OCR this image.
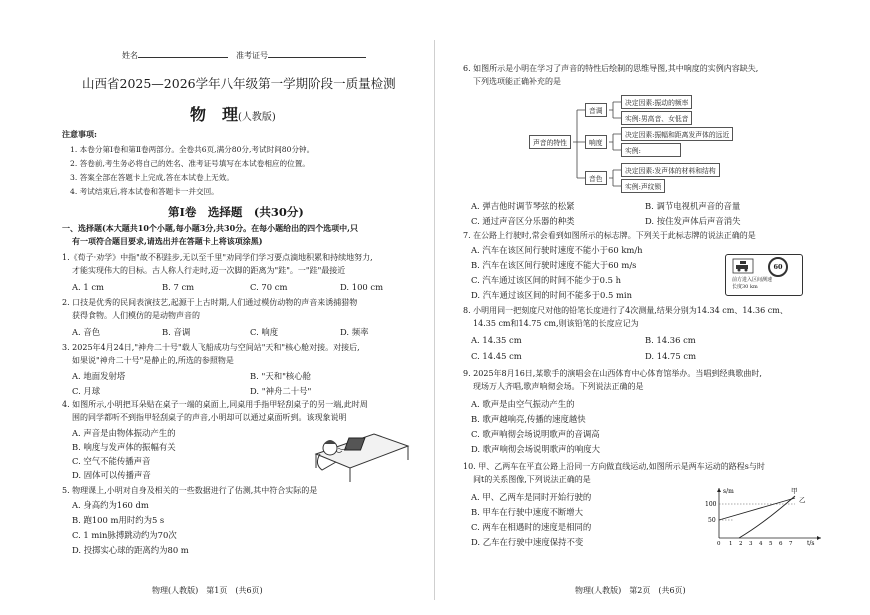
姓名	准考证号
山西省2025—2026学年八年级第一学期阶段一质量检测
物　理(人教版)
注意事项:
1. 本卷分第Ⅰ卷和第Ⅱ卷两部分。全卷共6页,满分80分,考试时间80分钟。
2. 答卷前,考生务必将自己的姓名、准考证号填写在本试卷相应的位置。
3. 答案全部在答题卡上完成,答在本试卷上无效。
4. 考试结束后,将本试卷和答题卡一并交回。
第Ⅰ卷　选择题　(共30分)
一、选择题(本大题共10个小题,每小题3分,共30分。在每小题给出的四个选项中,只
有一项符合题目要求,请选出并在答题卡上将该项涂黑)
1.《荀子·劝学》中指"故不积跬步,无以至千里"劝同学们学习要点滴地积累和持续地努力,
才能实现伟大的目标。古人称人行走时,迈一次脚的距离为"跬"。一"跬"最接近
A. 1 cm	B. 7 cm	C. 70 cm	D. 100 cm
2. 口技是优秀的民间表演技艺,起源于上古时期,人们通过模仿动物的声音来诱捕猎物
获得食物。人们模仿的是动物声音的
A. 音色	B. 音调	C. 响度	D. 频率
3. 2025年4月24日,"神舟二十号"载人飞船成功与空间站"天和"核心舱对接。对接后,
如果说"神舟二十号"是静止的,所选的参照物是
A. 地面发射塔	B. "天和"核心舱
C. 月球	D. "神舟二十号"
4. 如图所示,小明把耳朵贴在桌子一端的桌面上,同桌用手指甲轻刮桌子的另一端,此时周
围的同学都听不到指甲轻刮桌子的声音,小明却可以通过桌面听到。该现象说明
A. 声音是由物体振动产生的
B. 响度与发声体的振幅有关
C. 空气不能传播声音
D. 固体可以传播声音
5. 物理课上,小明对自身及相关的一些数据进行了估测,其中符合实际的是
A. 身高约为160 dm
B. 跑100 m用时约为5 s
C. 1 min脉搏跳动约为70次
D. 投掷实心球的距离约为80 m
物理(人教版)　第1页　(共6页)
6. 如图所示是小明在学习了声音的特性后绘制的思维导图,其中响度的实例内容缺失,
下列选项能正确补充的是
声音的特性
音调
决定因素:振动的频率
实例:男高音、女低音
响度
决定因素:振幅和距离发声体的远近
实例:
音色
决定因素:发声体的材料和结构
实例:声纹锁
A. 弹吉他时调节琴弦的松紧	B. 调节电视机声音的音量
C. 通过声音区分乐器的种类	D. 按住发声体后声音消失
7. 在公路上行驶时,常会看到如图所示的标志牌。下列关于此标志牌的说法正确的是
A. 汽车在该区间行驶时速度不能小于60 km/h
B. 汽车在该区间行驶时速度不能大于60 m/s
C. 汽车通过该区间的时间不能少于0.5 h
D. 汽车通过该区间的时间不能多于0.5 min
60
前方进入区间测速
长度30 km
8. 小明用同一把刻度尺对他的铅笔长度进行了4次测量,结果分别为14.34 cm、14.36 cm、
14.35 cm和14.75 cm,则该铅笔的长度应记为
A. 14.35 cm	B. 14.36 cm
C. 14.45 cm	D. 14.75 cm
9. 2025年8月16日,某歌手的演唱会在山西体育中心体育馆举办。当唱到经典歌曲时,
现场万人齐唱,歌声响彻会场。下列说法正确的是
A. 歌声是由空气振动产生的
B. 歌声越响亮,传播的速度越快
C. 歌声响彻会场说明歌声的音调高
D. 歌声响彻会场说明歌声的响度大
10. 甲、乙两车在平直公路上沿同一方向做直线运动,如图所示是两车运动的路程s与时
间t的关系图像,下列说法正确的是
A. 甲、乙两车是同时开始行驶的
B. 甲车在行驶中速度不断增大
C. 两车在相遇时的速度是相同的
D. 乙车在行驶中速度保持不变
s/m
t/s
100
50
0 1 2 3 4 5 6 7
甲
乙
物理(人教版)　第2页　(共6页)
